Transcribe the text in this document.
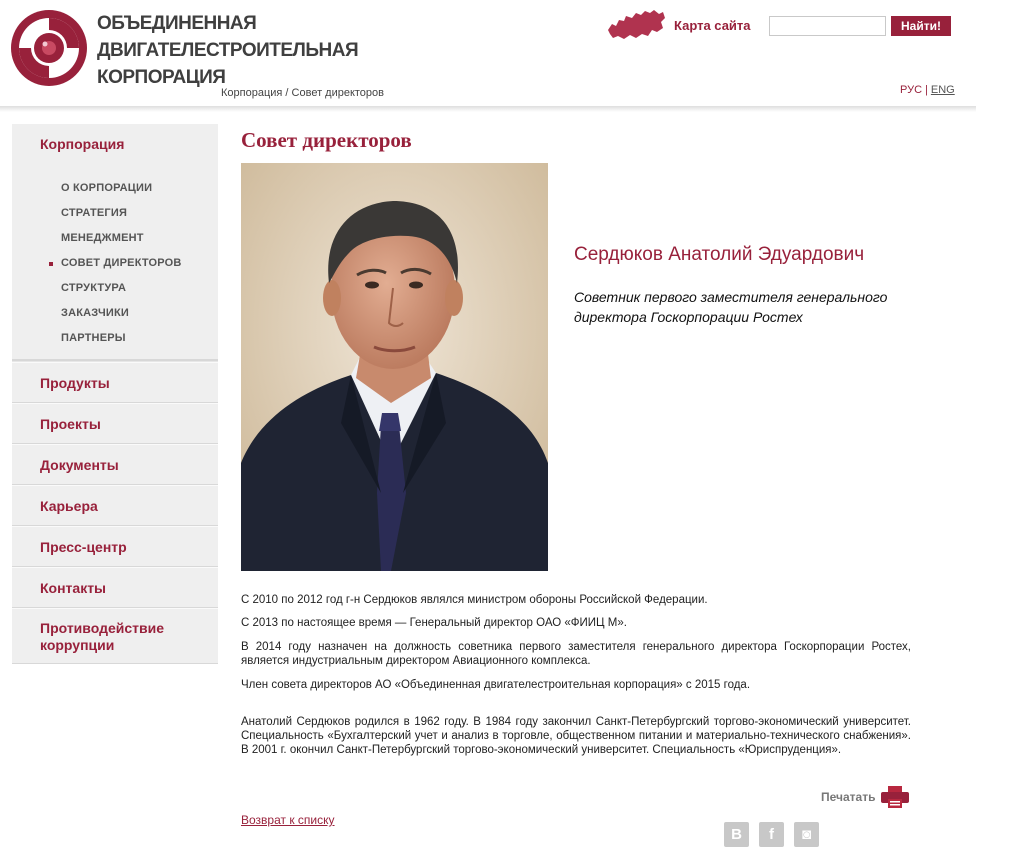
ОБЪЕДИНЕННАЯ
ДВИГАТЕЛЕСТРОИТЕЛЬНАЯ
КОРПОРАЦИЯ
Корпорация / Совет директоров
Карта сайта	Найти!
РУС | ENG
Корпорация
О КОРПОРАЦИИ
СТРАТЕГИЯ
МЕНЕДЖМЕНТ
СОВЕТ ДИРЕКТОРОВ
СТРУКТУРА
ЗАКАЗЧИКИ
ПАРТНЕРЫ
Продукты
Проекты
Документы
Карьера
Пресс-центр
Контакты
Противодействие
коррупции
Совет директоров
Сердюков Анатолий Эдуардович
Советник первого заместителя генерального директора Госкорпорации Ростех

С 2010 по 2012 год г-н Сердюков являлся министром обороны Российской Федерации.

С 2013 по настоящее время — Генеральный директор ОАО «ФИИЦ М».

В 2014 году назначен на должность советника первого заместителя генерального директора Госкорпорации Ростех, является индустриальным директором Авиационного комплекса.

Член совета директоров АО «Объединенная двигателестроительная корпорация» с 2015 года.

Анатолий Сердюков родился в 1962 году. В 1984 году закончил Санкт-Петербургский торгово-экономический университет. Специальность «Бухгалтерский учет и анализ в торговле, общественном питании и материально-технического снабжения». В 2001 г. окончил Санкт-Петербургский торгово-экономический университет. Специальность «Юриспруденция».

Печатать
Возврат к списку
В	f	◙
